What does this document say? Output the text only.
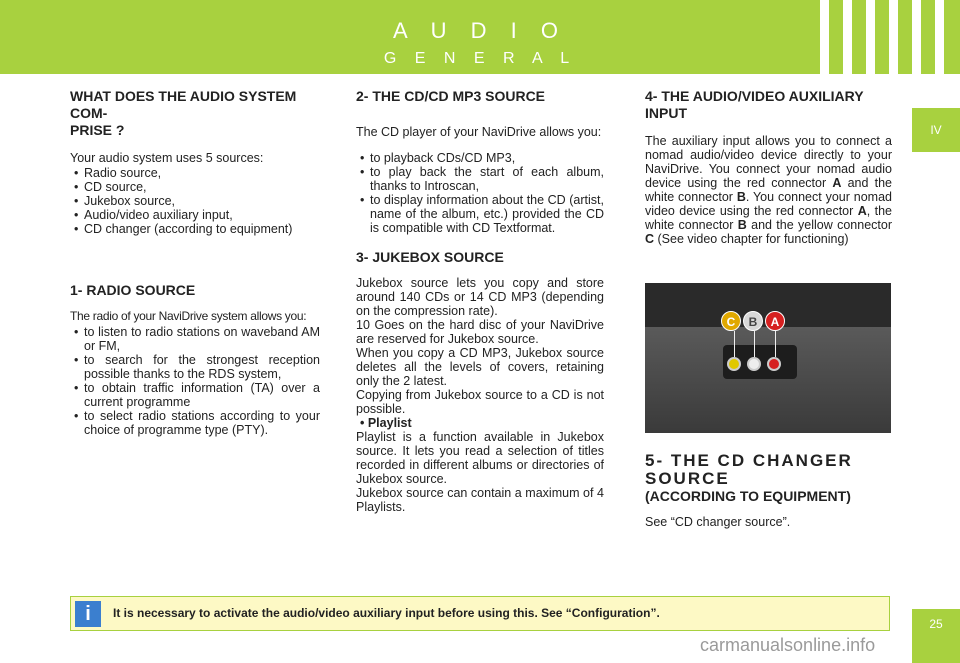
A U D I O
G E N E R A L
IV
25
WHAT DOES THE AUDIO SYSTEM COM-
PRISE ?

Your audio system uses 5 sources:

• Radio source,
• CD source,
• Jukebox source,
• Audio/video auxiliary input,
• CD changer (according to equipment)
1- RADIO SOURCE

The radio of your NaviDrive system allows you:

• to listen to radio stations on waveband AM or FM,
• to search for the strongest reception possible thanks to the RDS system,
• to obtain traffic information (TA) over a current programme
• to select radio stations according to your choice of programme type (PTY).
2- THE CD/CD MP3 SOURCE

The CD player of your NaviDrive allows you:

• to playback CDs/CD MP3,
• to play back the start of each album, thanks to Introscan,
• to display information about the CD (artist, name of the album, etc.) provided the CD is compatible with CD Textformat.
3- JUKEBOX SOURCE

Jukebox source lets you copy and store around 140 CDs or 14 CD MP3 (depending on the compression rate).

10 Goes on the hard disc of your NaviDrive are reserved for Jukebox source.

When you copy a CD MP3, Jukebox source deletes all the levels of covers, retaining only the 2 latest.

Copying from Jukebox source to a CD is not possible.

• Playlist

Playlist is a function available in Jukebox source. It lets you read a selection of titles recorded in different albums or directories of Jukebox source.

Jukebox source can contain a maximum of 4 Playlists.

4- THE AUDIO/VIDEO AUXILIARY INPUT

The auxiliary input allows you to connect a nomad audio/video device directly to your NaviDrive. You connect your nomad audio device using the red connector A and the white connector B. You connect your nomad video device using the red connector A, the white connector B and the yellow connector C (See video chapter for functioning)

C	B	A
5- THE CD CHANGER SOURCE
(ACCORDING TO EQUIPMENT)

See “CD changer source”.

i	It is necessary to activate the audio/video auxiliary input before using this. See “Configuration”.
carmanualsonline.info
